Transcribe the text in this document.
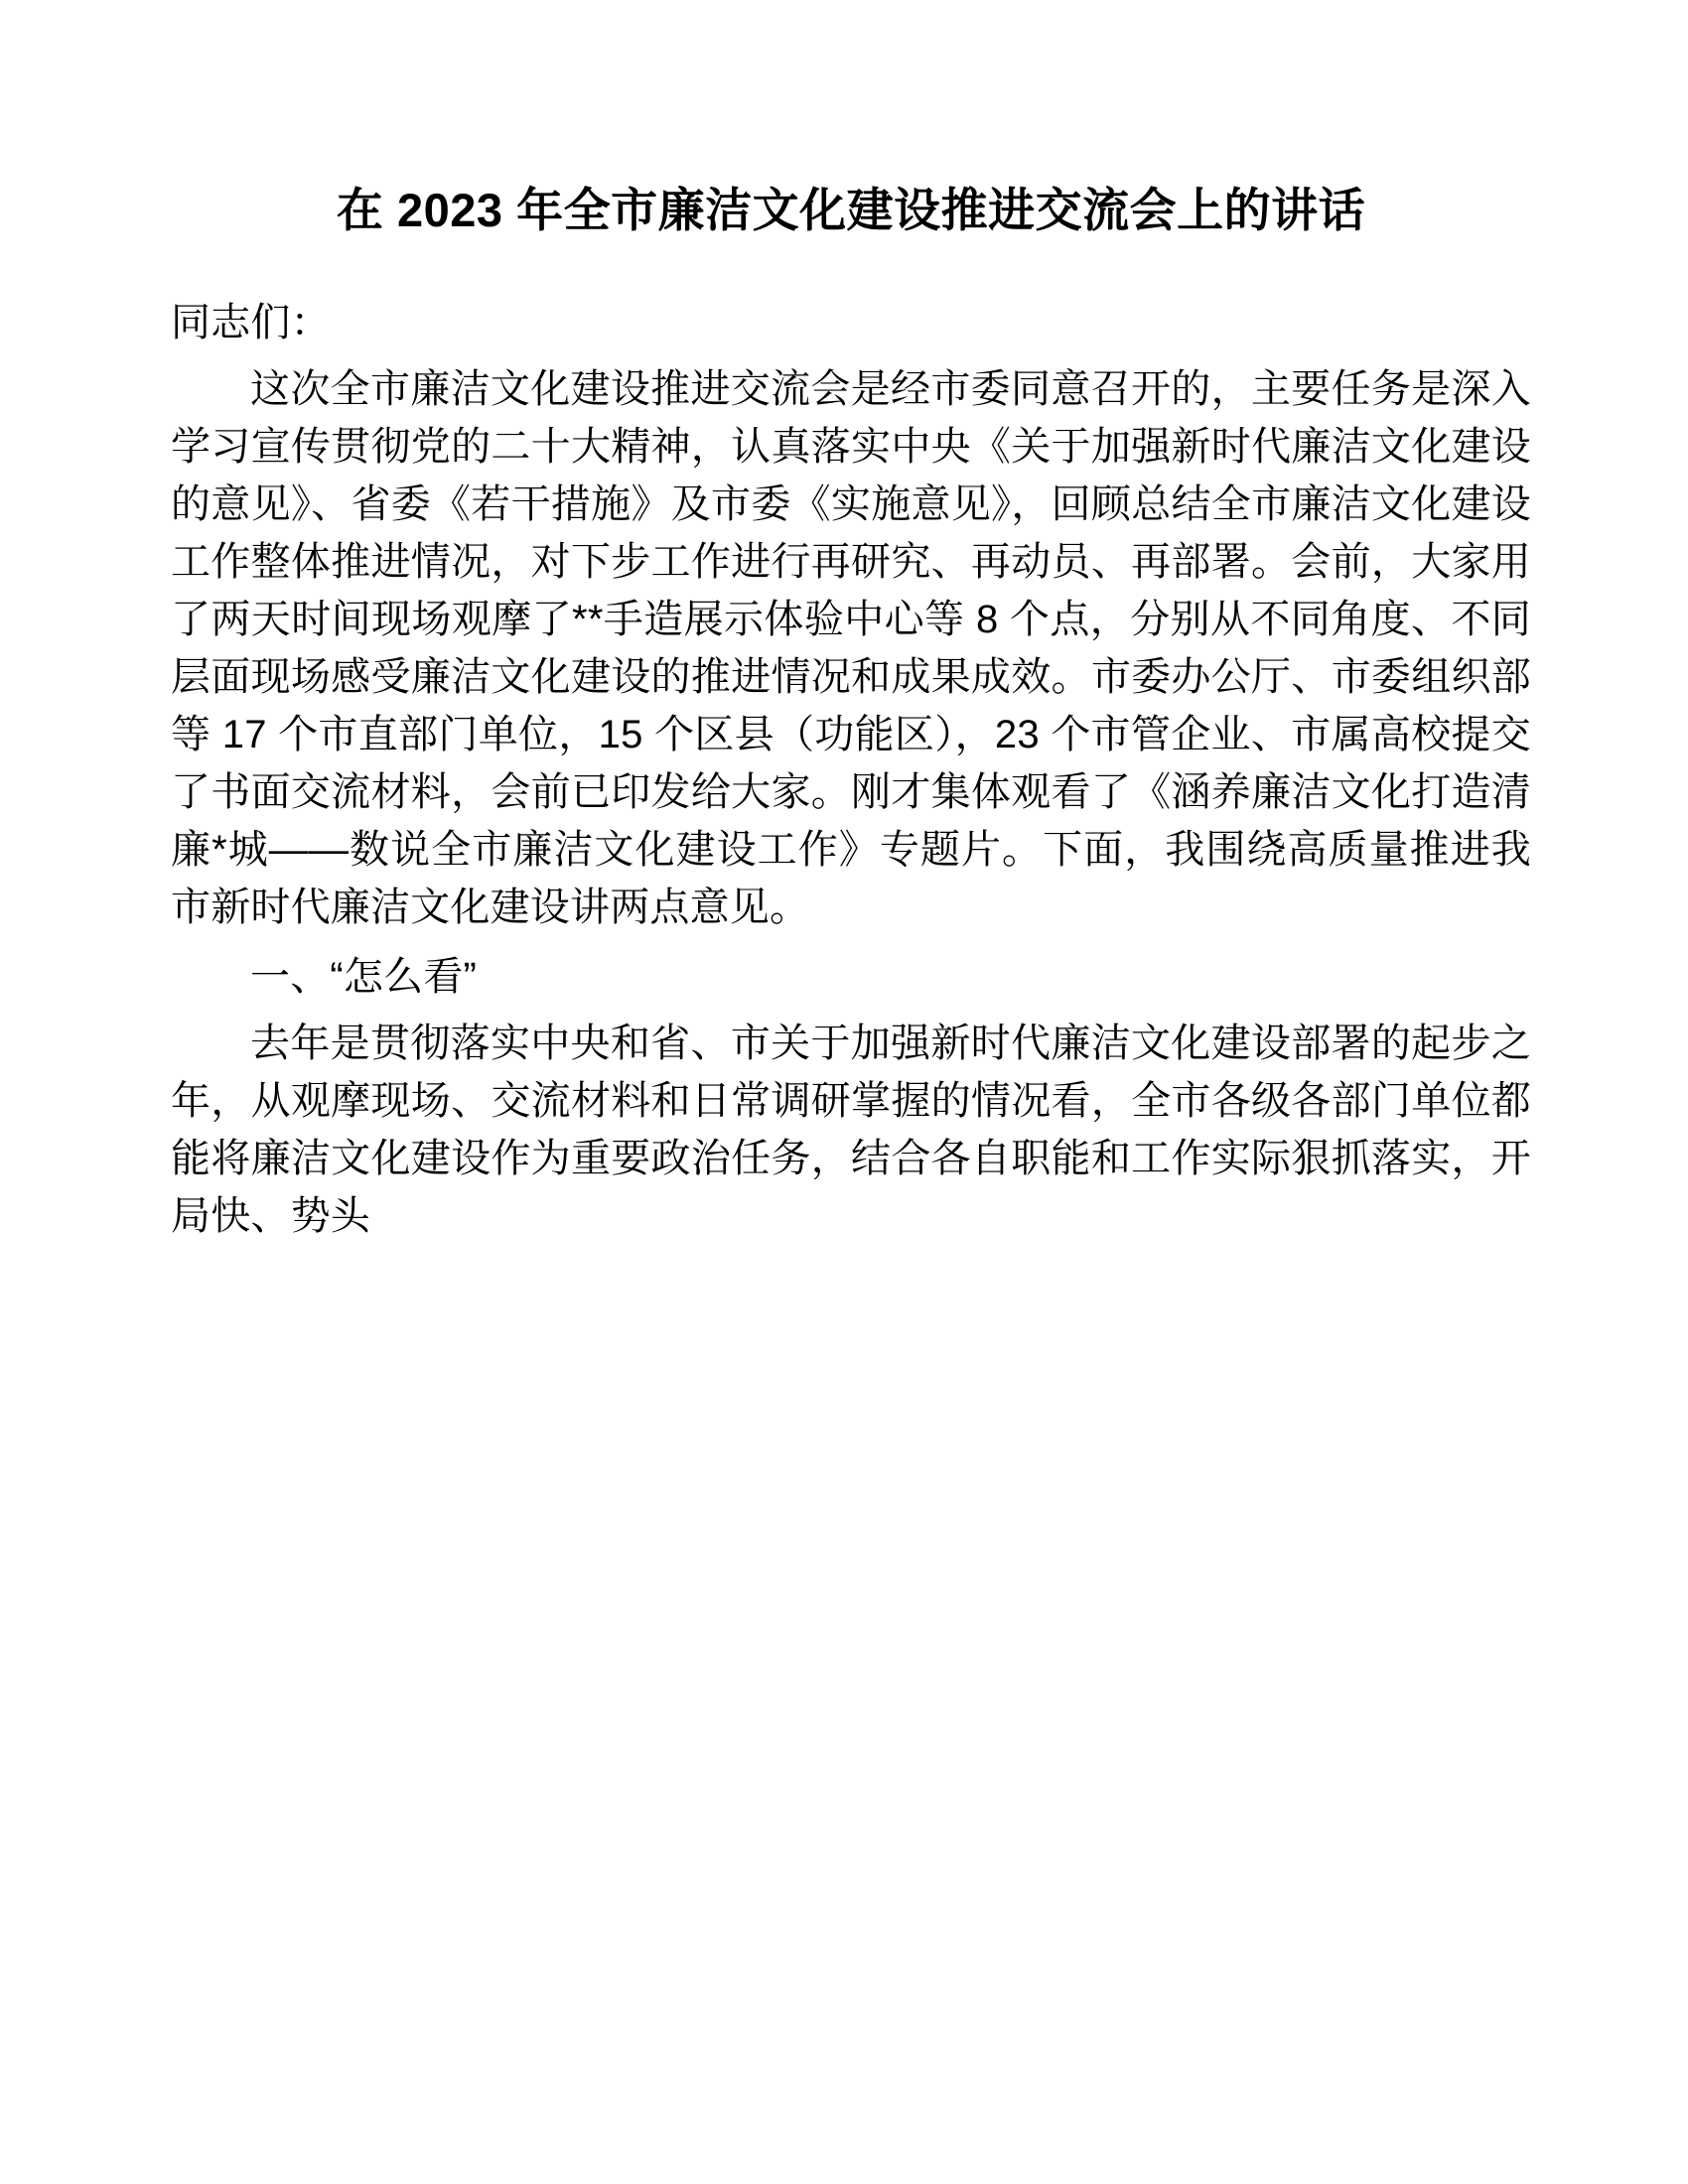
在 2023 年全市廉洁文化建设推进交流会上的讲话

同志们：

这次全市廉洁文化建设推进交流会是经市委同意召开的，主要任务是深入学习宣传贯彻党的二十大精神，认真落实中央《关于加强新时代廉洁文化建设的意见》、省委《若干措施》及市委《实施意见》，回顾总结全市廉洁文化建设工作整体推进情况，对下步工作进行再研究、再动员、再部署。会前，大家用了两天时间现场观摩了**手造展示体验中心等 8 个点，分别从不同角度、不同层面现场感受廉洁文化建设的推进情况和成果成效。市委办公厅、市委组织部等 17 个市直部门单位，15 个区县（功能区），23 个市管企业、市属高校提交了书面交流材料，会前已印发给大家。刚才集体观看了《涵养廉洁文化打造清廉*城——数说全市廉洁文化建设工作》专题片。下面，我围绕高质量推进我市新时代廉洁文化建设讲两点意见。

一、“怎么看”

去年是贯彻落实中央和省、市关于加强新时代廉洁文化建设部署的起步之年，从观摩现场、交流材料和日常调研掌握的情况看，全市各级各部门单位都能将廉洁文化建设作为重要政治任务，结合各自职能和工作实际狠抓落实，开局快、势头
